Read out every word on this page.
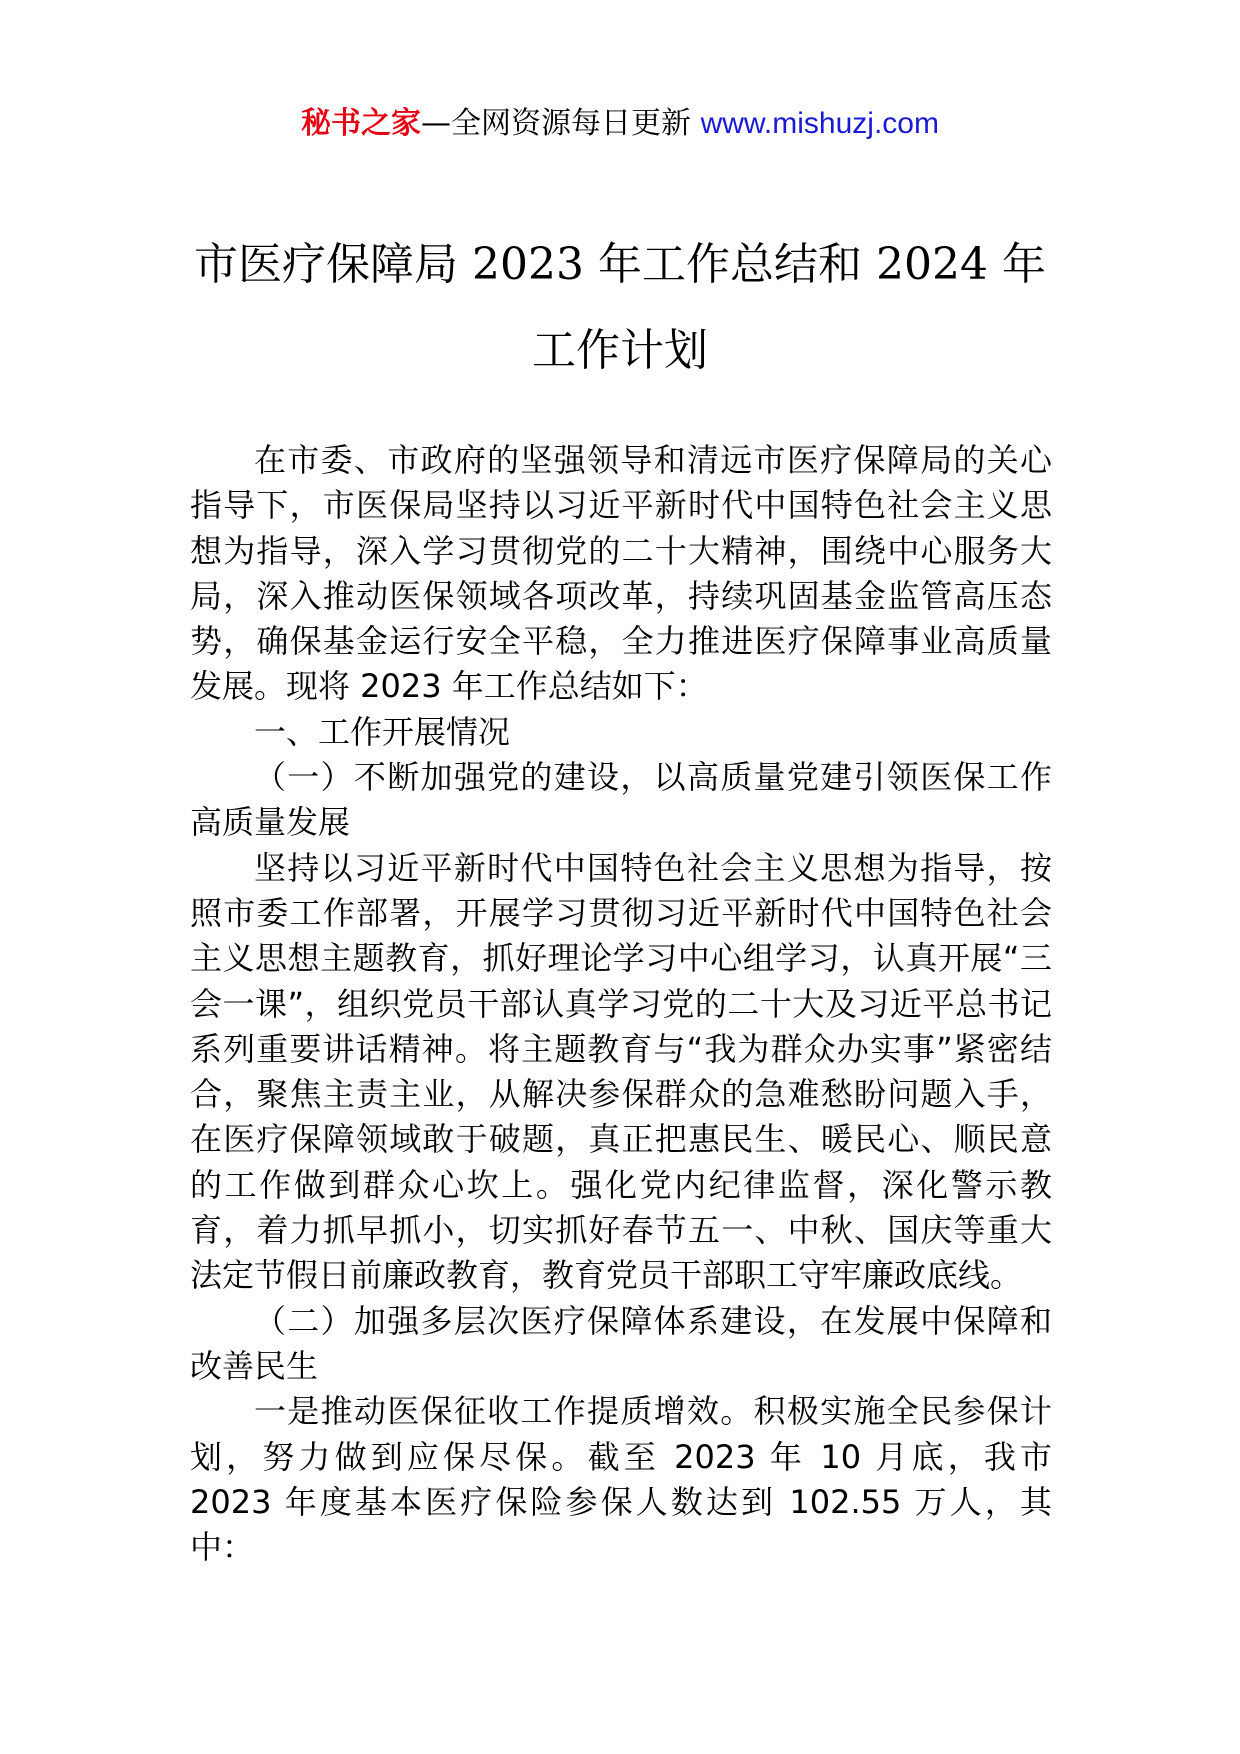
秘书之家—全网资源每日更新 www.mishuzj.com
市医疗保障局 2023 年工作总结和 2024 年工作计划

在市委、市政府的坚强领导和清远市医疗保障局的关心指导下，市医保局坚持以习近平新时代中国特色社会主义思想为指导，深入学习贯彻党的二十大精神，围绕中心服务大局，深入推动医保领域各项改革，持续巩固基金监管高压态势，确保基金运行安全平稳，全力推进医疗保障事业高质量发展。现将 2023 年工作总结如下：

一、工作开展情况

（一）不断加强党的建设，以高质量党建引领医保工作高质量发展

坚持以习近平新时代中国特色社会主义思想为指导，按照市委工作部署，开展学习贯彻习近平新时代中国特色社会主义思想主题教育，抓好理论学习中心组学习，认真开展“三会一课”，组织党员干部认真学习党的二十大及习近平总书记系列重要讲话精神。将主题教育与“我为群众办实事”紧密结合，聚焦主责主业，从解决参保群众的急难愁盼问题入手，在医疗保障领域敢于破题，真正把惠民生、暖民心、顺民意的工作做到群众心坎上。强化党内纪律监督，深化警示教育，着力抓早抓小，切实抓好春节五一、中秋、国庆等重大法定节假日前廉政教育，教育党员干部职工守牢廉政底线。

（二）加强多层次医疗保障体系建设，在发展中保障和改善民生

一是推动医保征收工作提质增效。积极实施全民参保计划，努力做到应保尽保。截至 2023 年 10 月底，我市 2023 年度基本医疗保险参保人数达到 102.55 万人，其中：
